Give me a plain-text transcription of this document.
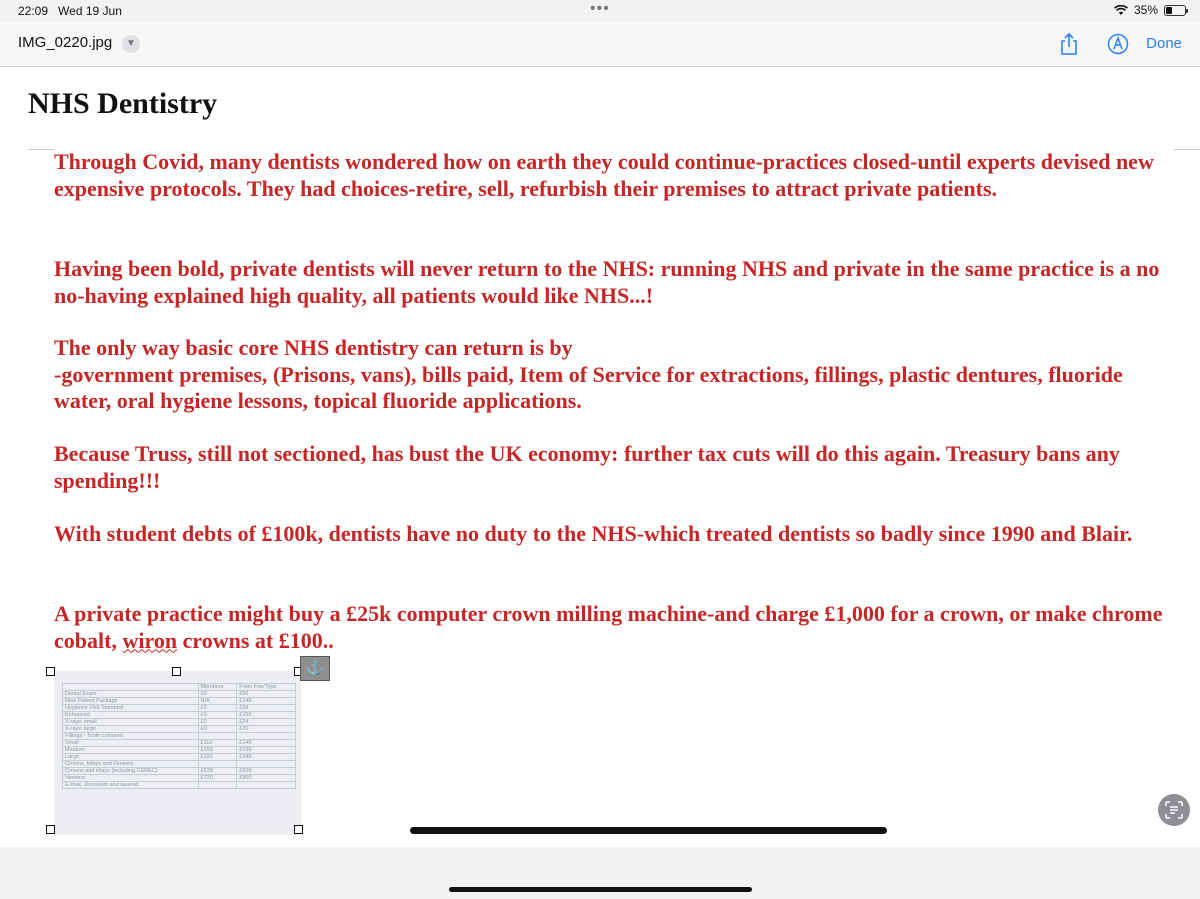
22:09 Wed 19 Jun	•••	35%
IMG_0220.jpg	▼	Done
NHS Dentistry

Through Covid, many dentists wondered how on earth they could continue-practices closed-until experts devised new expensive protocols. They had choices-retire, sell, refurbish their premises to attract private patients.

Having been bold, private dentists will never return to the NHS: running NHS and private in the same practice is a no no-having explained high quality, all patients would like NHS...!

The only way basic core NHS dentistry can return is by
-government premises, (Prisons, vans), bills paid, Item of Service for extractions, fillings, plastic dentures, fluoride water, oral hygiene lessons, topical fluoride applications.

Because Truss, still not sectioned, has bust the UK economy: further tax cuts will do this again. Treasury bans any spending!!!

With student debts of £100k, dentists have no duty to the NHS-which treated dentists so badly since 1990 and Blair.

A private practice might buy a £25k computer crown milling machine-and charge £1,000 for a crown, or make chrome cobalt, wiron crowns at £100..

	Members	From Fee/Type
Dental Exam	£0	£56
New Patient Package	N/A	£140
Hygienist Visit Standard	£0	£58
Enhanced	£0	£102
X-rays: small	£0	£24
X-rays: large	£0	£70
Fillings - Tooth coloured		
Small	£112	£140
Medium	£158	£196
Large	£192	£240
Crowns, Inlays and Veneers		
Crowns and inlays (including CEREC)	£528	£600
Veneers	£720	£900
E-max, Zirconium and layered		
⚓
